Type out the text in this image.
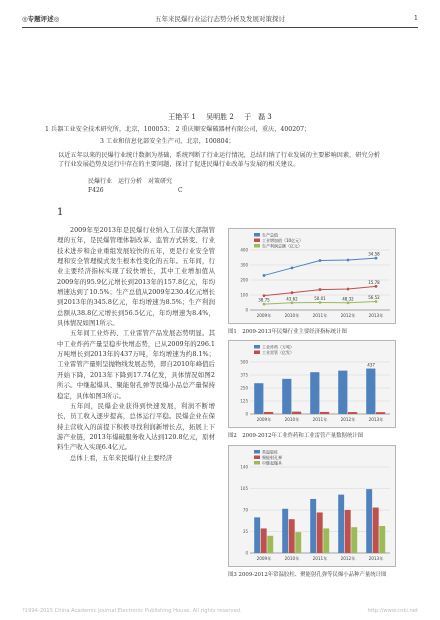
◎专题评述◎	五年来民爆行业运行态势分析及发展对策探讨	1
王艳平 1 吴明胜 2 于　磊 3
1 兵器工业安全技术研究所，北京，100053； 2 重庆顺安爆破器材有限公司，重庆，400207；
3 工业和信息化部安全生产司，北京，100804；
以近五年以来的民爆行业统计数据为基础，系统判断了行业运行情况，总结归纳了行业发展的主要影响因素，研究分析了行业发展趋势及运行中存在的主要问题，探讨了促进民爆行业改革与发展的相关建议。
民爆行业　运行分析　对策研究
F426	C
1

2009年至2013年是民爆行业纳入工信部大部制管理的五年，是民爆管理体制改革、监管方式转变、行业技术进步和企业重组发展较快的五年，更是行业安全管理和安全管理模式发生根本性变化的五年。五年间，行业主要经济指标实现了较快增长，其中工业增加值从2009年的95.9亿元增长到2013年的157.8亿元，年均增速达到了10.5%；生产总值从2009年230.4亿元增长到2013年的345.8亿元，年均增速为8.5%；生产利润总额从38.8亿元增长到56.5亿元，年均增速为8.4%，具体情况如图1所示。

五年间工业炸药、工业雷管产品发展态势明显。其中工业炸药产量呈稳步快增态势，已从2009年的296.1万吨增长到2013年的437万吨，年均增速为约8.1%；工业雷管产量则呈抛物线发展态势，即自2010年峰值后开始下降，2013年下降到17.74亿发，具体情况如图2所示。中继起爆具、聚能射孔弹等民爆小品总产量保持稳定，具体如图3所示。

五年间，民爆企业获得到快速发展，利润不断增长，员工收入逐步提高，总体运行平稳。民爆企业在保持主营收入的前提下积极寻找利润新增长点，拓展上下游产业链，2013年爆破服务收入达到120.8亿元，原材料生产收入实现6.4亿元。

总体上看，五年来民爆行业主要经济

0
100
200
300
400
2009年	2010年	2011年	2012年	2013年
生产总值
工业增加值（10亿元）
生产利润总额（亿元）
34.58
15.78
38.75	43.62	50.01	48.32	56.52
图1　2009-2013年民爆行业主要经济指标统计图
0
125
250
375
500
2009年	2010年	2011年	2012年	2013年
工业炸药（万吨）
工业雷管（亿发）
437
图2　2009-2012年工业炸药和工业雷管产量数据统计图
0
35
70
105
140
2009年	2010年	2011年	2012年	2013年
常温胶柱
聚能射孔弹
中继起爆具
图3 2009-2012年常温胶柱、聚能射孔弹等民爆小品种产量统计图
?1994-2015 China Academic Journal Electronic Publishing House. All rights reserved.	http://www.cnki.net
